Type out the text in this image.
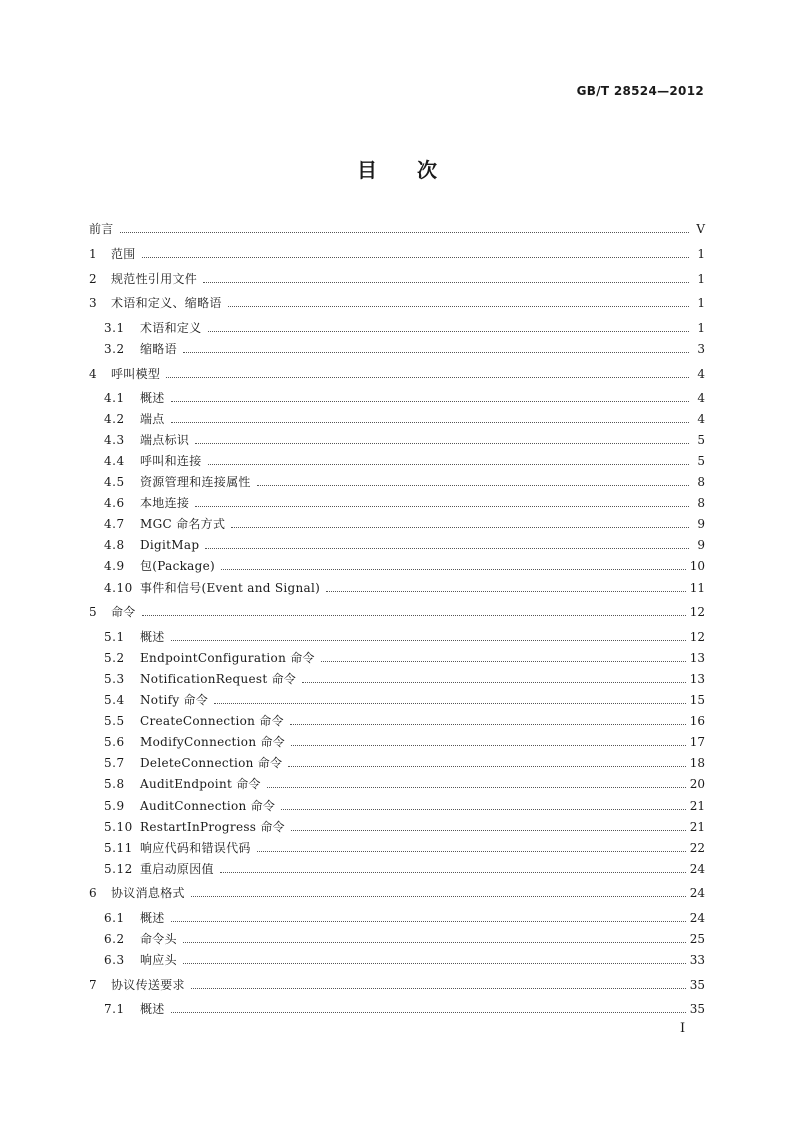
GB/T 28524—2012
目次
前言	V
1	范围	1
2	规范性引用文件	1
3	术语和定义、缩略语	1
3.1	术语和定义	1
3.2	缩略语	3
4	呼叫模型	4
4.1	概述	4
4.2	端点	4
4.3	端点标识	5
4.4	呼叫和连接	5
4.5	资源管理和连接属性	8
4.6	本地连接	8
4.7	MGC 命名方式	9
4.8	DigitMap	9
4.9	包(Package)	10
4.10 事件和信号(Event and Signal)	11
5	命令	12
5.1	概述	12
5.2	EndpointConfiguration 命令	13
5.3	NotificationRequest 命令	13
5.4	Notify 命令	15
5.5	CreateConnection 命令	16
5.6	ModifyConnection 命令	17
5.7	DeleteConnection 命令	18
5.8	AuditEndpoint 命令	20
5.9	AuditConnection 命令	21
5.10 RestartInProgress 命令	21
5.11 响应代码和错误代码	22
5.12 重启动原因值	24
6	协议消息格式	24
6.1	概述	24
6.2	命令头	25
6.3	响应头	33
7	协议传送要求	35
7.1	概述	35
I
